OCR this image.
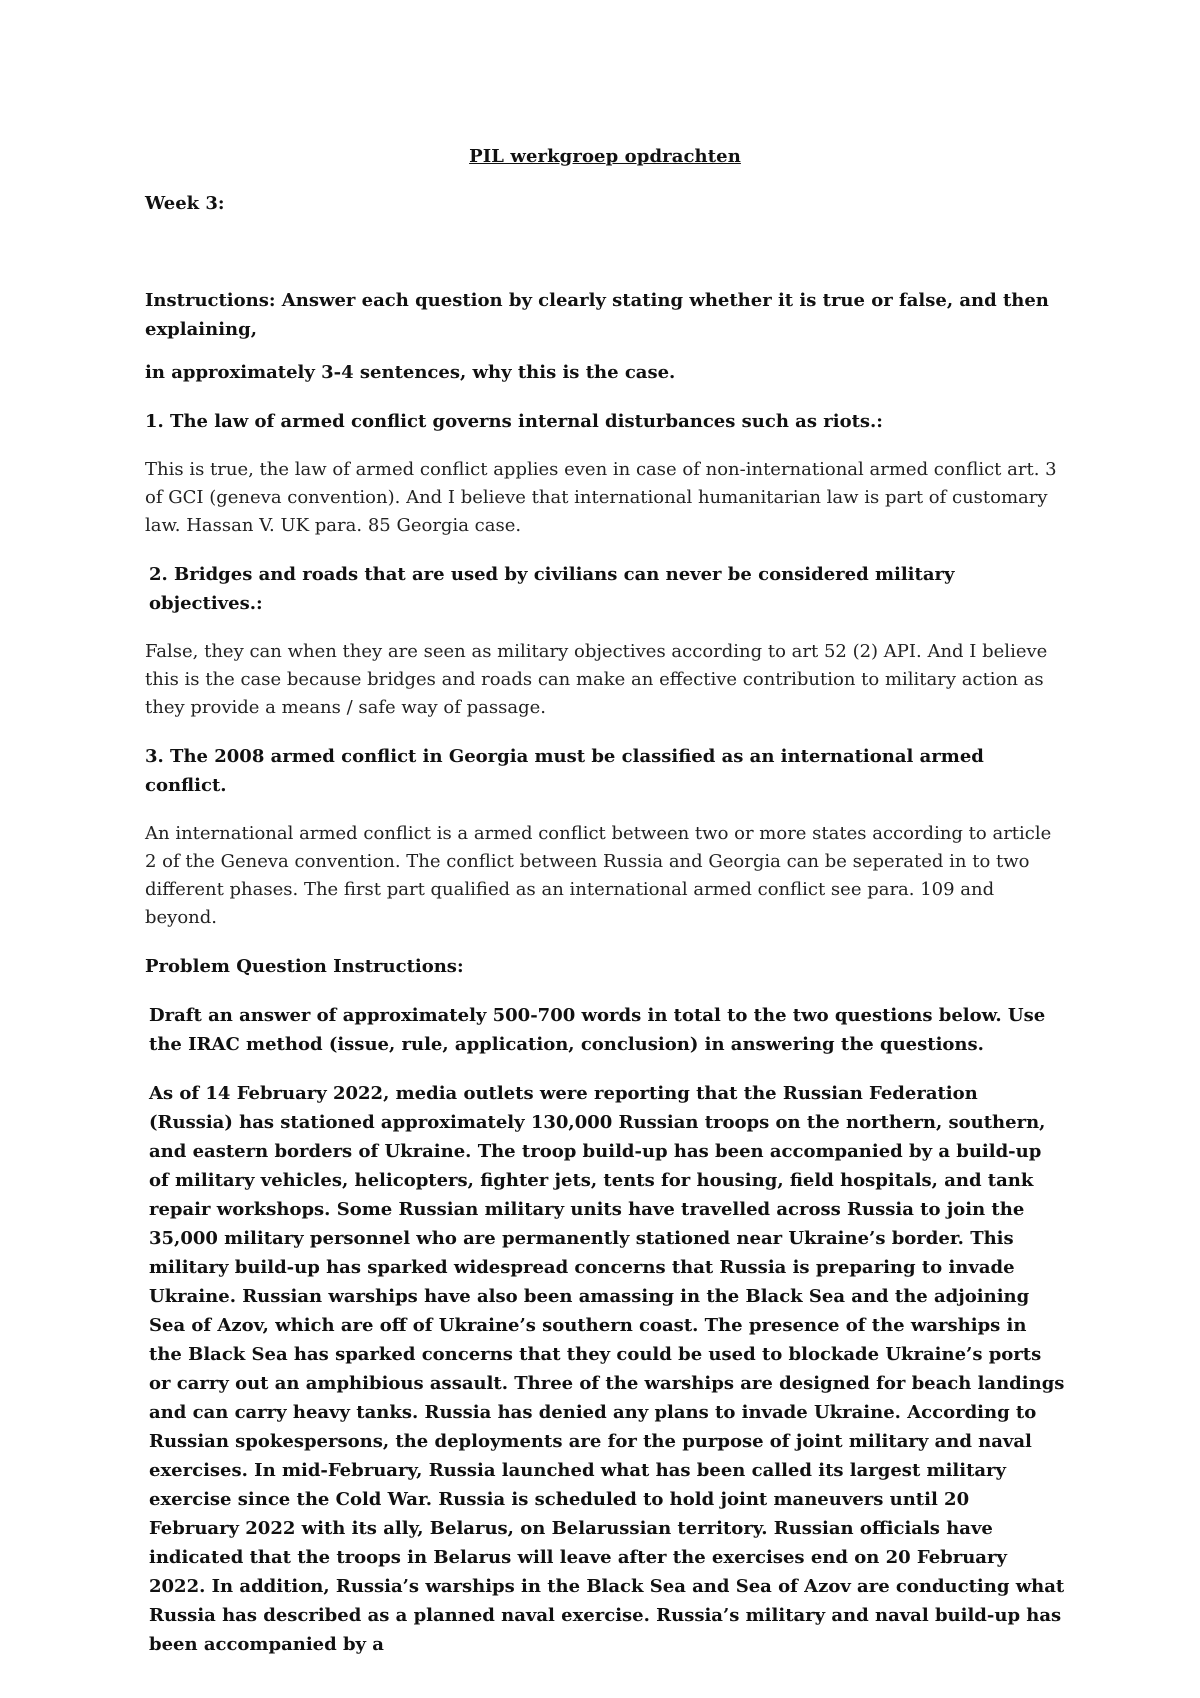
PIL werkgroep opdrachten
Week 3:

Instructions: Answer each question by clearly stating whether it is true or false, and then explaining,

in approximately 3-4 sentences, why this is the case.

1. The law of armed conflict governs internal disturbances such as riots.:

This is true, the law of armed conflict applies even in case of non-international armed conflict art. 3 of GCI (geneva convention). And I believe that international humanitarian law is part of customary law. Hassan V. UK para. 85 Georgia case.

2. Bridges and roads that are used by civilians can never be considered military objectives.:

False, they can when they are seen as military objectives according to art 52 (2) API. And I believe this is the case because bridges and roads can make an effective contribution to military action as they provide a means / safe way of passage.

3. The 2008 armed conflict in Georgia must be classified as an international armed conflict.

An international armed conflict is a armed conflict between two or more states according to article 2 of the Geneva convention. The conflict between Russia and Georgia can be seperated in to two different phases. The first part qualified as an international armed conflict see para. 109 and beyond.

Problem Question Instructions:

Draft an answer of approximately 500-700 words in total to the two questions below. Use the IRAC method (issue, rule, application, conclusion) in answering the questions.

As of 14 February 2022, media outlets were reporting that the Russian Federation (Russia) has stationed approximately 130,000 Russian troops on the northern, southern, and eastern borders of Ukraine. The troop build-up has been accompanied by a build-up of military vehicles, helicopters, fighter jets, tents for housing, field hospitals, and tank repair workshops. Some Russian military units have travelled across Russia to join the 35,000 military personnel who are permanently stationed near Ukraine’s border. This military build-up has sparked widespread concerns that Russia is preparing to invade Ukraine. Russian warships have also been amassing in the Black Sea and the adjoining Sea of Azov, which are off of Ukraine’s southern coast. The presence of the warships in the Black Sea has sparked concerns that they could be used to blockade Ukraine’s ports or carry out an amphibious assault. Three of the warships are designed for beach landings and can carry heavy tanks. Russia has denied any plans to invade Ukraine. According to Russian spokespersons, the deployments are for the purpose of joint military and naval exercises. In mid-February, Russia launched what has been called its largest military exercise since the Cold War. Russia is scheduled to hold joint maneuvers until 20 February 2022 with its ally, Belarus, on Belarussian territory. Russian officials have indicated that the troops in Belarus will leave after the exercises end on 20 February 2022. In addition, Russia’s warships in the Black Sea and Sea of Azov are conducting what Russia has described as a planned naval exercise. Russia’s military and naval build-up has been accompanied by a
